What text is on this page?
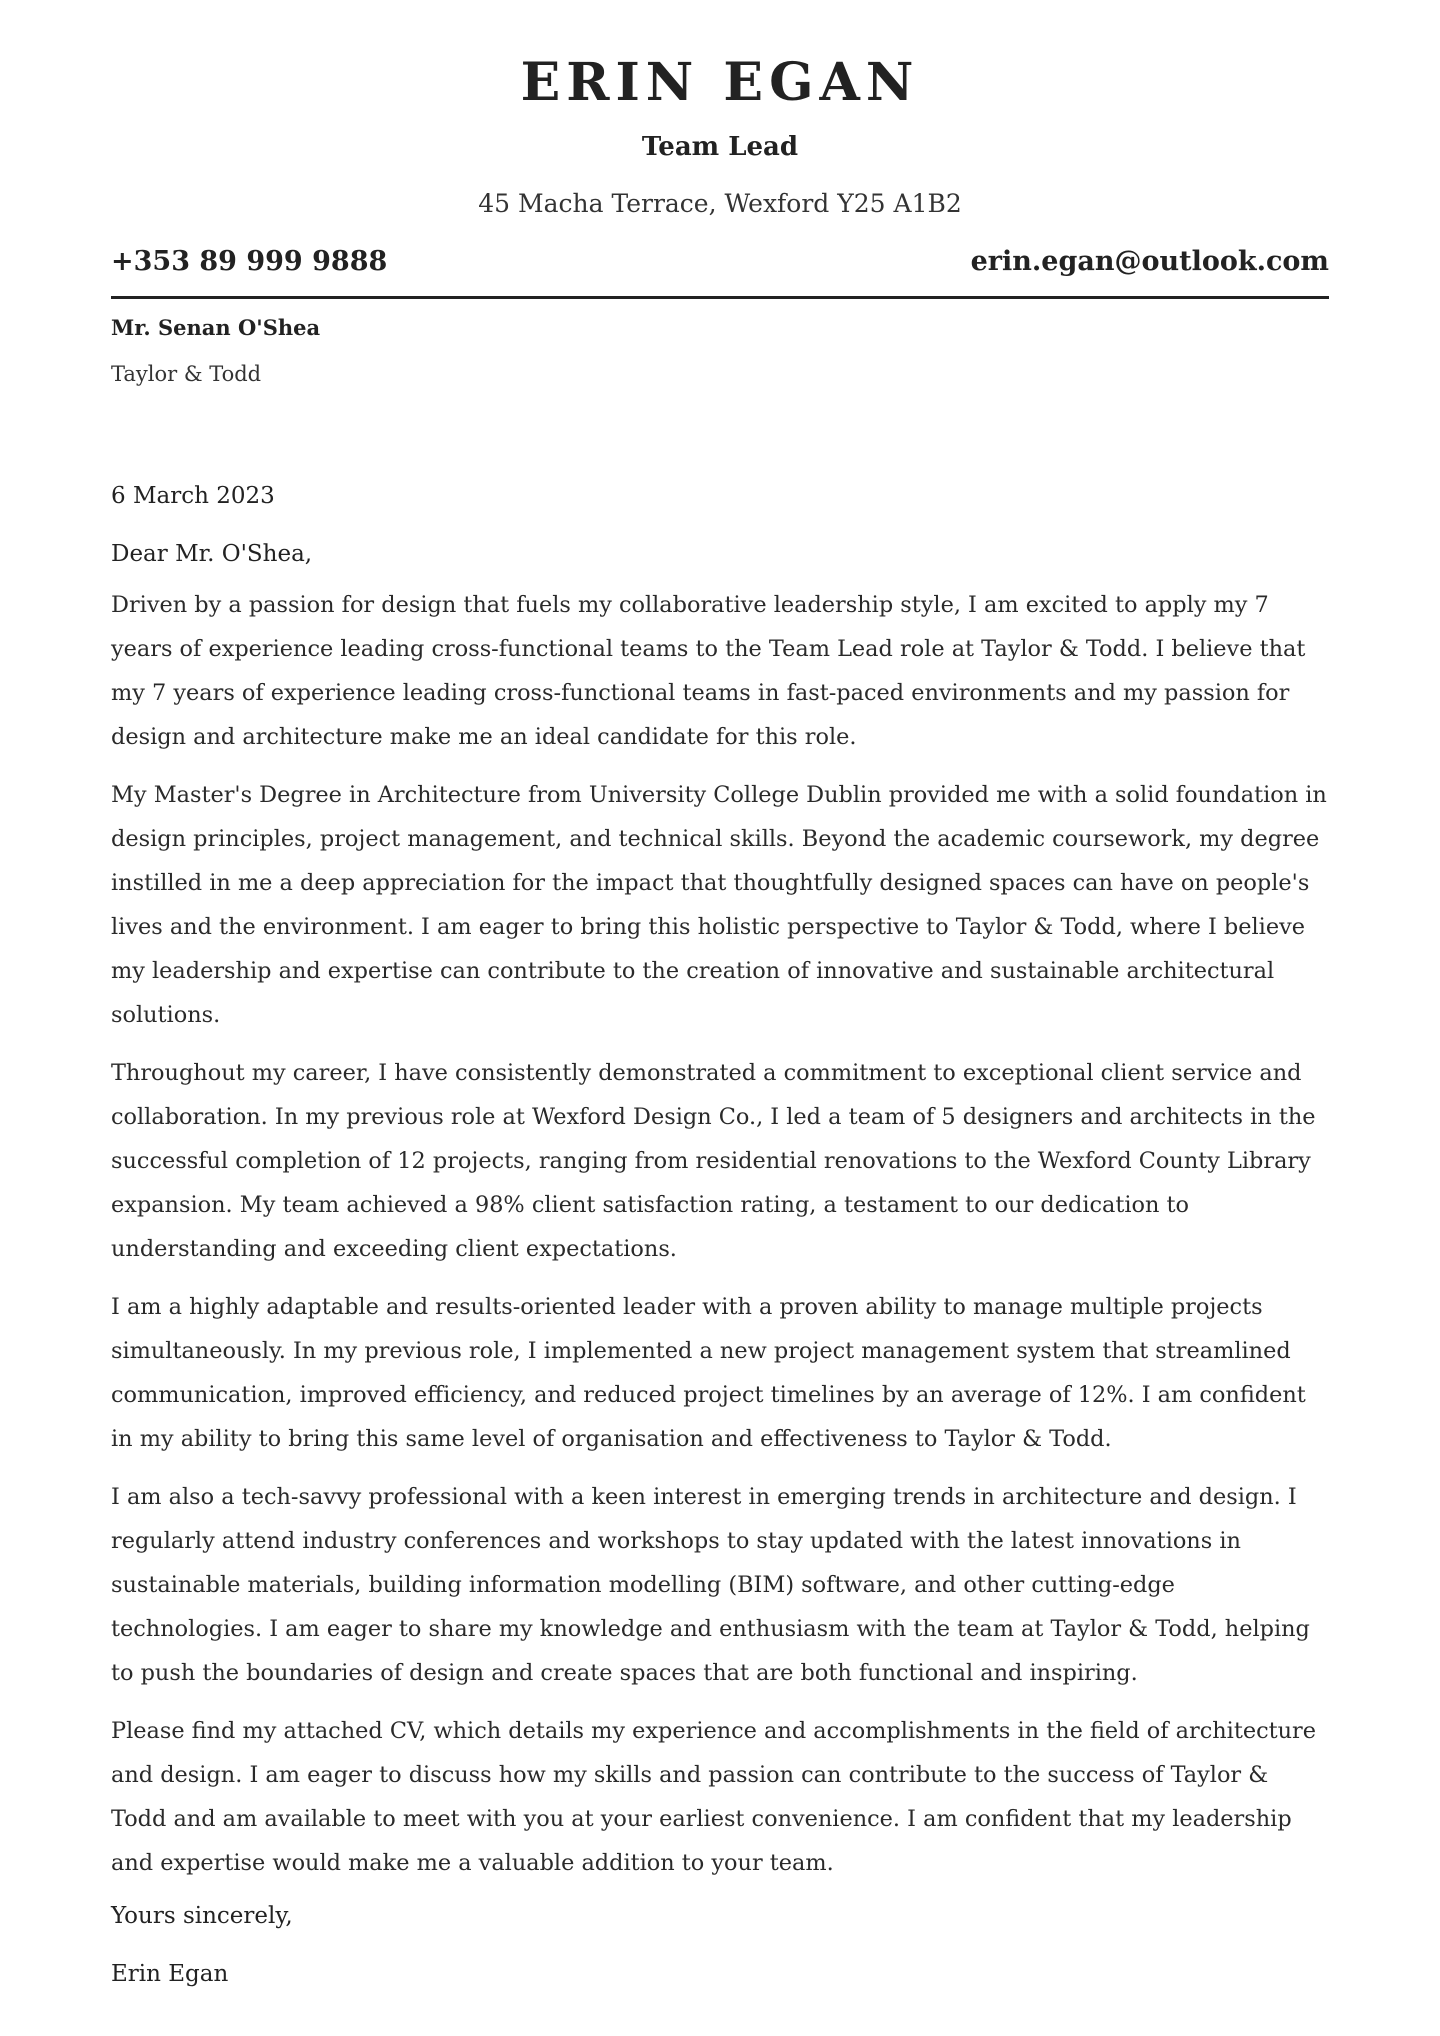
ERIN EGAN
Team Lead
45 Macha Terrace, Wexford Y25 A1B2
+353 89 999 9888	erin.egan@outlook.com
Mr. Senan O'Shea
Taylor & Todd
6 March 2023
Dear Mr. O'Shea,

Driven by a passion for design that fuels my collaborative leadership style, I am excited to apply my 7 years of experience leading cross-functional teams to the Team Lead role at Taylor & Todd. I believe that my 7 years of experience leading cross-functional teams in fast-paced environments and my passion for design and architecture make me an ideal candidate for this role.

My Master's Degree in Architecture from University College Dublin provided me with a solid foundation in design principles, project management, and technical skills. Beyond the academic coursework, my degree instilled in me a deep appreciation for the impact that thoughtfully designed spaces can have on people's lives and the environment. I am eager to bring this holistic perspective to Taylor & Todd, where I believe my leadership and expertise can contribute to the creation of innovative and sustainable architectural solutions.

Throughout my career, I have consistently demonstrated a commitment to exceptional client service and collaboration. In my previous role at Wexford Design Co., I led a team of 5 designers and architects in the successful completion of 12 projects, ranging from residential renovations to the Wexford County Library expansion. My team achieved a 98% client satisfaction rating, a testament to our dedication to understanding and exceeding client expectations.

I am a highly adaptable and results-oriented leader with a proven ability to manage multiple projects simultaneously. In my previous role, I implemented a new project management system that streamlined communication, improved efficiency, and reduced project timelines by an average of 12%. I am confident in my ability to bring this same level of organisation and effectiveness to Taylor & Todd.

I am also a tech-savvy professional with a keen interest in emerging trends in architecture and design. I regularly attend industry conferences and workshops to stay updated with the latest innovations in sustainable materials, building information modelling (BIM) software, and other cutting-edge technologies. I am eager to share my knowledge and enthusiasm with the team at Taylor & Todd, helping to push the boundaries of design and create spaces that are both functional and inspiring.

Please find my attached CV, which details my experience and accomplishments in the field of architecture and design. I am eager to discuss how my skills and passion can contribute to the success of Taylor & Todd and am available to meet with you at your earliest convenience. I am confident that my leadership and expertise would make me a valuable addition to your team.

Yours sincerely,
Erin Egan
